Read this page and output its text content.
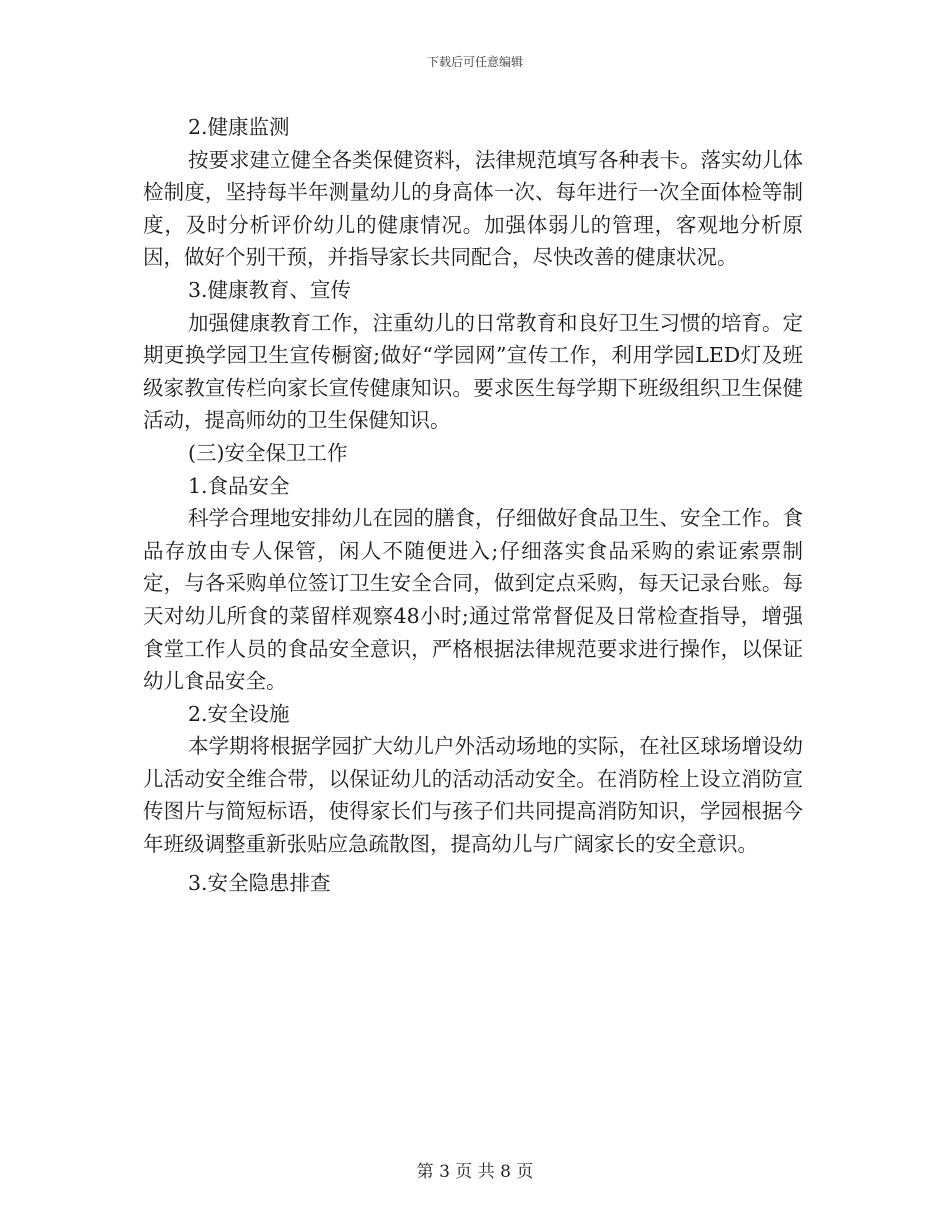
下载后可任意编辑

2.健康监测

按要求建立健全各类保健资料，法律规范填写各种表卡。落实幼儿体检制度，坚持每半年测量幼儿的身高体一次、每年进行一次全面体检等制度，及时分析评价幼儿的健康情况。加强体弱儿的管理，客观地分析原因，做好个别干预，并指导家长共同配合，尽快改善的健康状况。

3.健康教育、宣传

加强健康教育工作，注重幼儿的日常教育和良好卫生习惯的培育。定期更换学园卫生宣传橱窗;做好“学园网”宣传工作，利用学园LED灯及班级家教宣传栏向家长宣传健康知识。要求医生每学期下班级组织卫生保健活动，提高师幼的卫生保健知识。

(三)安全保卫工作

1.食品安全

科学合理地安排幼儿在园的膳食，仔细做好食品卫生、安全工作。食品存放由专人保管，闲人不随便进入;仔细落实食品采购的索证索票制定，与各采购单位签订卫生安全合同，做到定点采购，每天记录台账。每天对幼儿所食的菜留样观察48小时;通过常常督促及日常检查指导，增强食堂工作人员的食品安全意识，严格根据法律规范要求进行操作，以保证幼儿食品安全。

2.安全设施

本学期将根据学园扩大幼儿户外活动场地的实际，在社区球场增设幼儿活动安全维合带，以保证幼儿的活动活动安全。在消防栓上设立消防宣传图片与简短标语，使得家长们与孩子们共同提高消防知识，学园根据今年班级调整重新张贴应急疏散图，提高幼儿与广阔家长的安全意识。

3.安全隐患排查

第 3 页 共 8 页
